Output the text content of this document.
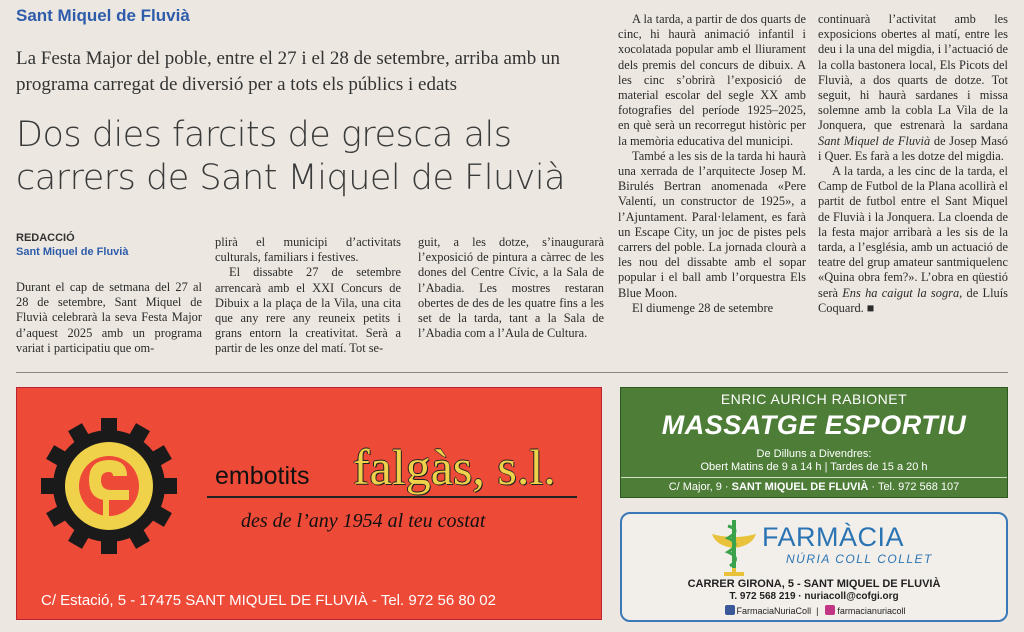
Sant Miquel de Fluvià
La Festa Major del poble, entre el 27 i el 28 de setembre, arriba amb un programa carregat de diversió per a tots els públics i edats
Dos dies farcits de gresca als carrers de Sant Miquel de Fluvià
REDACCIÓ
Sant Miquel de Fluvià

Durant el cap de setmana del 27 al 28 de setembre, Sant Miquel de Fluvià celebrarà la seva Festa Major d’aquest 2025 amb un programa variat i participatiu que om-

plirà el municipi d’activitats culturals, familiars i festives.

El dissabte 27 de setembre arrencarà amb el XXI Concurs de Dibuix a la plaça de la Vila, una cita que any rere any reuneix petits i grans entorn la creativitat. Serà a partir de les onze del matí. Tot se-

guit, a les dotze, s’inaugurarà l’exposició de pintura a càrrec de les dones del Centre Cívic, a la Sala de l’Abadia. Les mostres restaran obertes de des de les quatre fins a les set de la tarda, tant a la Sala de l’Abadia com a l’Aula de Cultura.

A la tarda, a partir de dos quarts de cinc, hi haurà animació infantil i xocolatada popular amb el lliurament dels premis del concurs de dibuix. A les cinc s’obrirà l’exposició de material escolar del segle XX amb fotografies del període 1925–2025, en què serà un recorregut històric per la memòria educativa del municipi.

També a les sis de la tarda hi haurà una xerrada de l’arquitecte Josep M. Birulés Bertran anomenada «Pere Valentí, un constructor de 1925», a l’Ajuntament. Paral·lelament, es farà un Escape City, un joc de pistes pels carrers del poble. La jornada clourà a les nou del dissabte amb el sopar popular i el ball amb l’orquestra Els Blue Moon.

El diumenge 28 de setembre

continuarà l’activitat amb les exposicions obertes al matí, entre les deu i la una del migdia, i l’actuació de la colla bastonera local, Els Picots del Fluvià, a dos quarts de dotze. Tot seguit, hi haurà sardanes i missa solemne amb la cobla La Vila de la Jonquera, que estrenarà la sardana Sant Miquel de Fluvià de Josep Masó i Quer. Es farà a les dotze del migdia.

A la tarda, a les cinc de la tarda, el Camp de Futbol de la Plana acollirà el partit de futbol entre el Sant Miquel de Fluvià i la Jonquera. La cloenda de la festa major arribarà a les sis de la tarda, a l’església, amb un actuació de teatre del grup amateur santmiquelenc «Quina obra fem?». L’obra en qüestió serà Ens ha caigut la sogra, de Lluís Coquard. ■

embotits falgàs, s.l.
des de l’any 1954 al teu costat
C/ Estació, 5 - 17475 SANT MIQUEL DE FLUVIÀ - Tel. 972 56 80 02
ENRIC AURICH RABIONET
MASSATGE ESPORTIU
De Dilluns a Divendres:
Obert Matins de 9 a 14 h | Tardes de 15 a 20 h
C/ Major, 9 · SANT MIQUEL DE FLUVIÀ · Tel. 972 568 107
FARMÀCIA
NÚRIA COLL COLLET
CARRER GIRONA, 5 - SANT MIQUEL DE FLUVIÀ
T. 972 568 219 · nuriacoll@cofgi.org
FarmaciaNuriaColl  |  farmacianuriacoll
